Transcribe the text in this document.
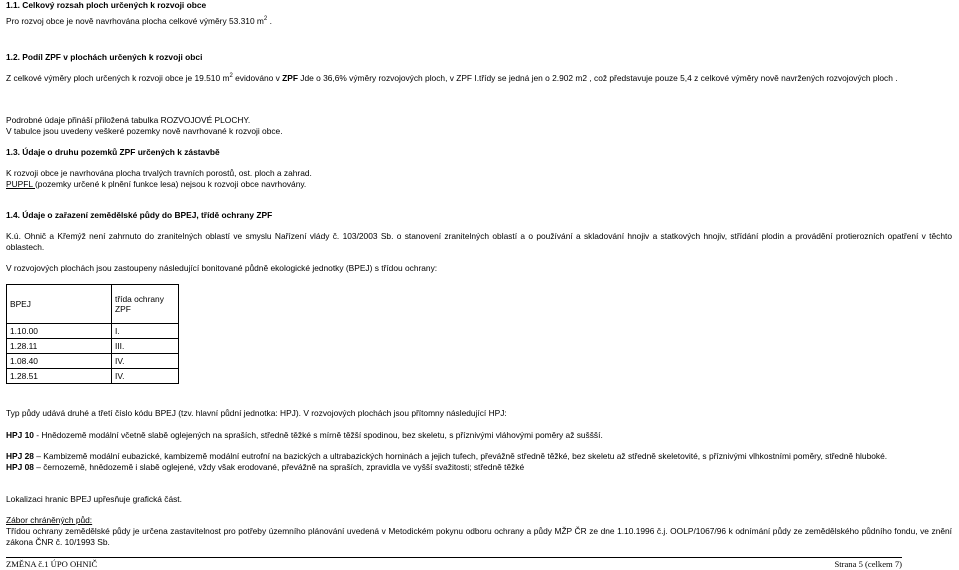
1.1. Celkový rozsah ploch určených k rozvoji obce

Pro rozvoj obce je nově navrhována plocha celkové výměry 53.310 $m^2$ .

1.2. Podíl ZPF v plochách určených k rozvoji obci

Z celkové výměry ploch určených k rozvoji obce je 19.510 $m^2$ evidováno v ZPF Jde o 36,6% výměry rozvojových ploch, v ZPF I.třídy se jedná jen o 2.902 m2 , což představuje pouze 5,4 z celkové výměry nově navržených rozvojových ploch .

Podrobné údaje přináší přiložená tabulka ROZVOJOVÉ PLOCHY.

V tabulce jsou uvedeny veškeré pozemky nově navrhované k rozvoji obce.

1.3. Údaje o druhu pozemků ZPF určených k zástavbě

K rozvoji obce je navrhována plocha trvalých travních porostů, ost. ploch a zahrad.

PUPFL (pozemky určené k plnění funkce lesa) nejsou k rozvoji obce navrhovány.

1.4. Údaje o zařazení zemědělské půdy do BPEJ, třídě ochrany ZPF

K.ú. Ohnič a Křemýž není zahrnuto do zranitelných oblastí ve smyslu Nařízení vlády č. 103/2003 Sb. o stanovení zranitelných oblastí a o používání a skladování hnojiv a statkových hnojiv, střídání plodin a provádění protierozních opatření v těchto oblastech.

V rozvojových plochách jsou zastoupeny následující bonitované půdně ekologické jednotky (BPEJ) s třídou ochrany:

BPEJ	třída ochrany ZPF
1.10.00	I.
1.28.11	III.
1.08.40	IV.
1.28.51	IV.

Typ půdy udává druhé a třetí číslo kódu BPEJ (tzv. hlavní půdní jednotka: HPJ). V rozvojových plochách jsou přítomny následující HPJ:

HPJ 10 - Hnědozemě modální včetně slabě oglejených na spraších, středně těžké s mírně těžší spodinou, bez skeletu, s příznivými vláhovými poměry až suššší.

HPJ 28 – Kambizemě modální eubazické, kambizemě modální eutrofní na bazických a ultrabazických horninách a jejich tufech, převážně středně těžké, bez skeletu až středně skeletovité, s příznivými vlhkostními poměry, středně hluboké.

HPJ 08 – černozemě, hnědozemě i slabě oglejené, vždy však erodované, převážně na spraších, zpravidla ve vyšší svažitosti; středně těžké

Lokalizaci hranic BPEJ upřesňuje grafická část.

Zábor chráněných půd:

Třídou ochrany zemědělské půdy je určena zastavitelnost pro potřeby územního plánování uvedená v Metodickém pokynu odboru ochrany a půdy MŽP ČR ze dne 1.10.1996 č.j. OOLP/1067/96 k odnímání půdy ze zemědělského půdního fondu, ve znění zákona ČNR č. 10/1993 Sb.

ZMĚNA č.1 ÚPO OHNIČ	Strana 5 (celkem 7)
